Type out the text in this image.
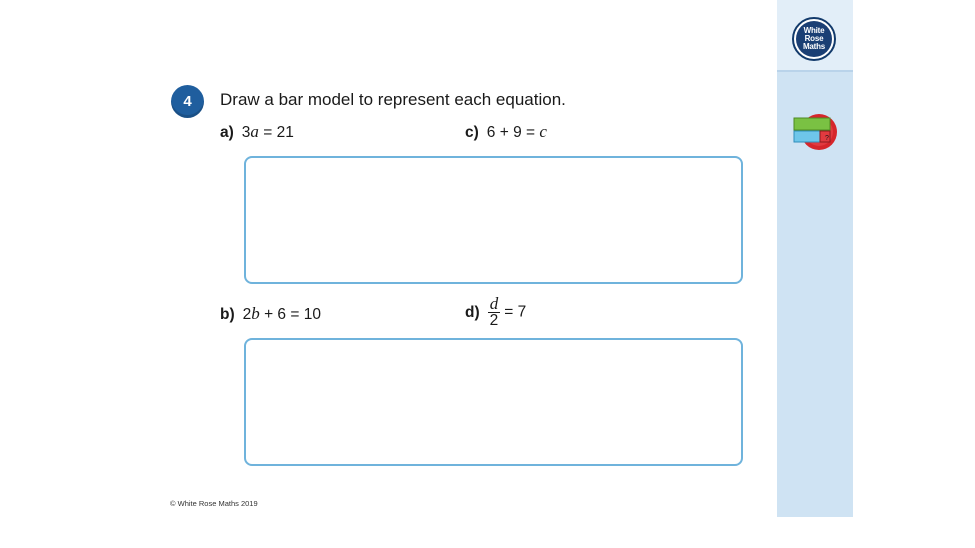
White
Rose
Maths
?
4 Draw a bar model to represent each equation.
a) 3a = 21	c) 6 + 9 = c
b) 2b + 6 = 10	$d) \frac{d}{2} = 7$
© White Rose Maths 2019
